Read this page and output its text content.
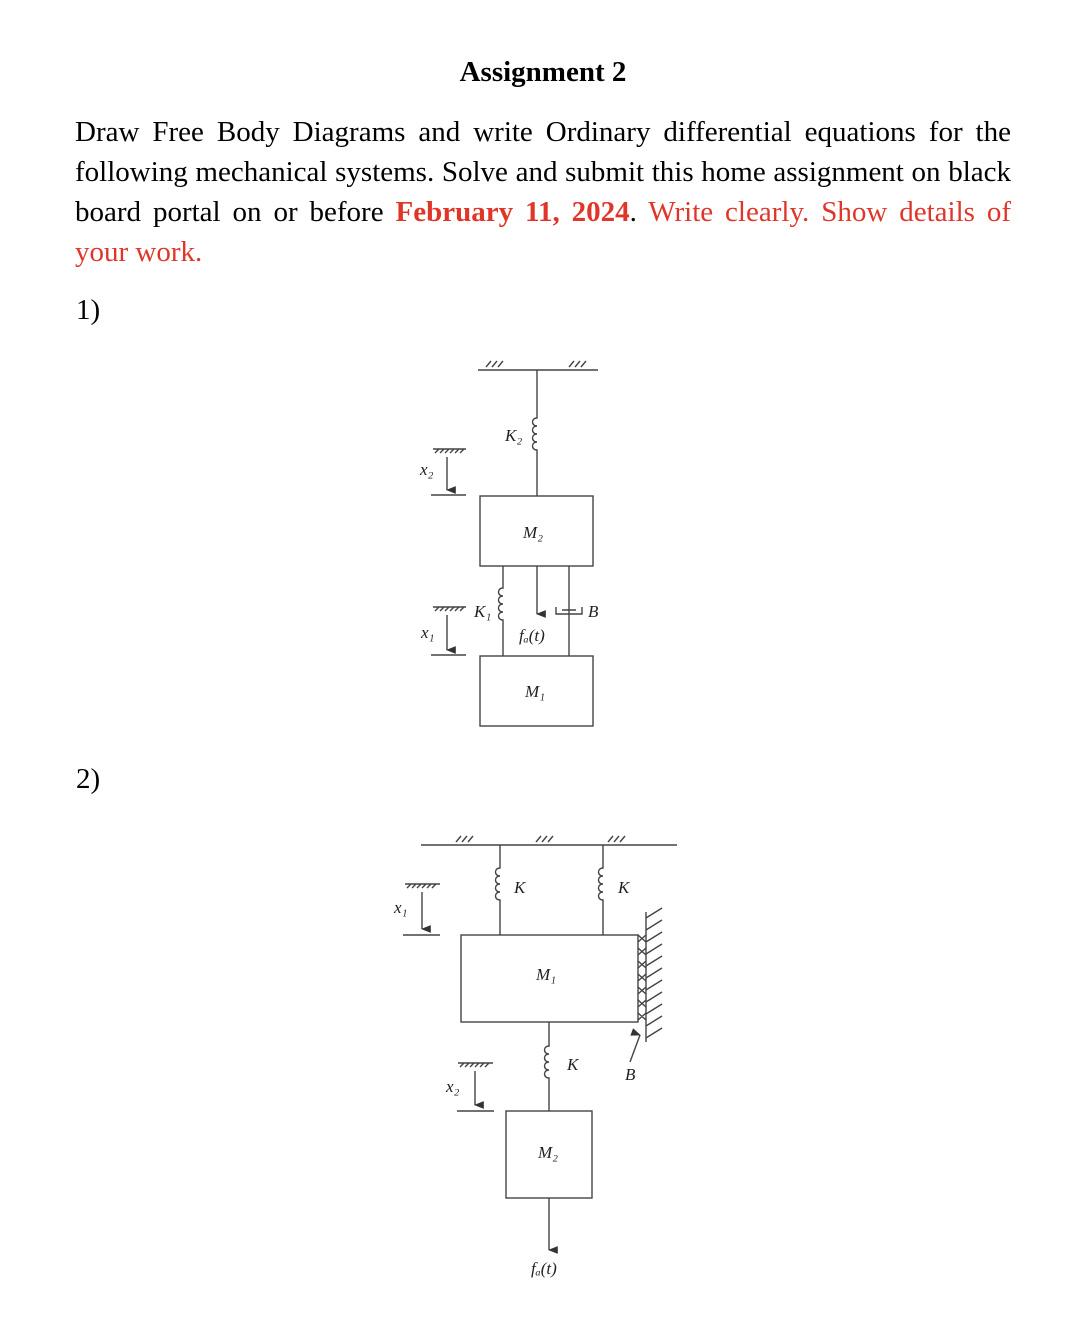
Assignment 2
Draw Free Body Diagrams and write Ordinary differential equations for the following mechanical systems. Solve and submit this home assignment on black board portal on or before February 11, 2024. Write clearly. Show details of your work.
1)
2)
K₂
M₂
K₁	B
fₐ(t)
M₁
x₂
x₁
K	K
M₁
K
B
M₂
fₐ(t)
x₁
x₂
